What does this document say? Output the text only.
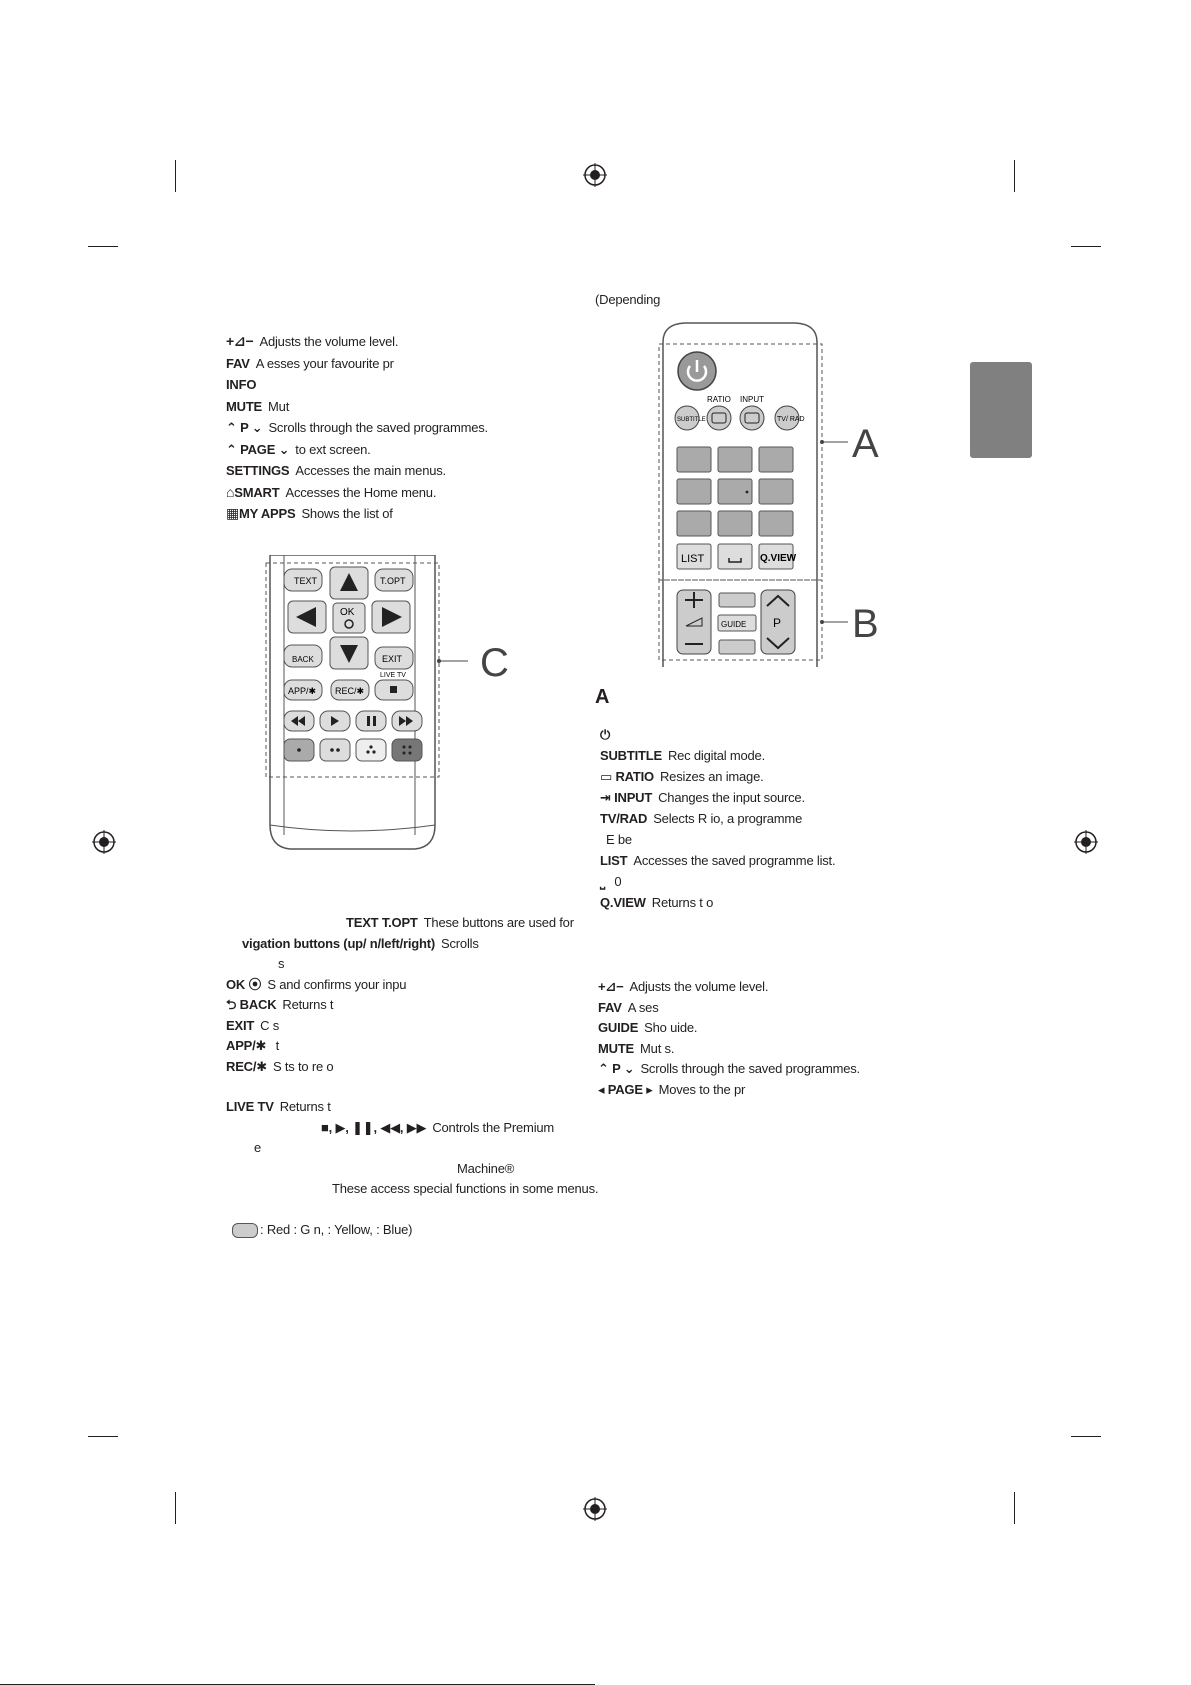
(Depending
+⊿− Adjusts the volume level.
FAV A esses your favourite pr
INFO
MUTE Mut
⌃ P ⌄ Scrolls through the saved programmes.
⌃ PAGE ⌄ to ext screen.
SETTINGS Accesses the main menus.
⌂SMART Accesses the Home menu.
▦MY APPS Shows the list of
TEXT	T.OPT
OK
BACK	EXIT
LIVE TV
APP/✱ REC/✱
C
RATIO INPUT
SUBTITLE	TV/ RAD
LIST	Q.VIEW
GUIDE P
A
B
TEXT T.OPT These buttons are used for
vigation buttons (up/ n/left/right) Scrolls
s
OK ⦿ S and confirms your inpu
⮌ BACK Returns t
EXIT C s
APP/✱ t
REC/✱ S ts to re o
LIVE TV Returns t
■, ▶, ❚❚, ◀◀, ▶▶ Controls the Premium
e
Machine®
These access special functions in some menus.
: Red : G n, : Yellow, : Blue)
A
⏻
SUBTITLE Rec digital mode.
▭ RATIO Resizes an image.
⇥ INPUT Changes the input source.
TV/RAD Selects R io, a programme
E be
LIST Accesses the saved programme list.
⎵ 0
Q.VIEW Returns t o
+⊿− Adjusts the volume level.
FAV A ses
GUIDE Sho uide.
MUTE Mut s.
⌃ P ⌄ Scrolls through the saved programmes.
◂ PAGE ▸ Moves to the pr
